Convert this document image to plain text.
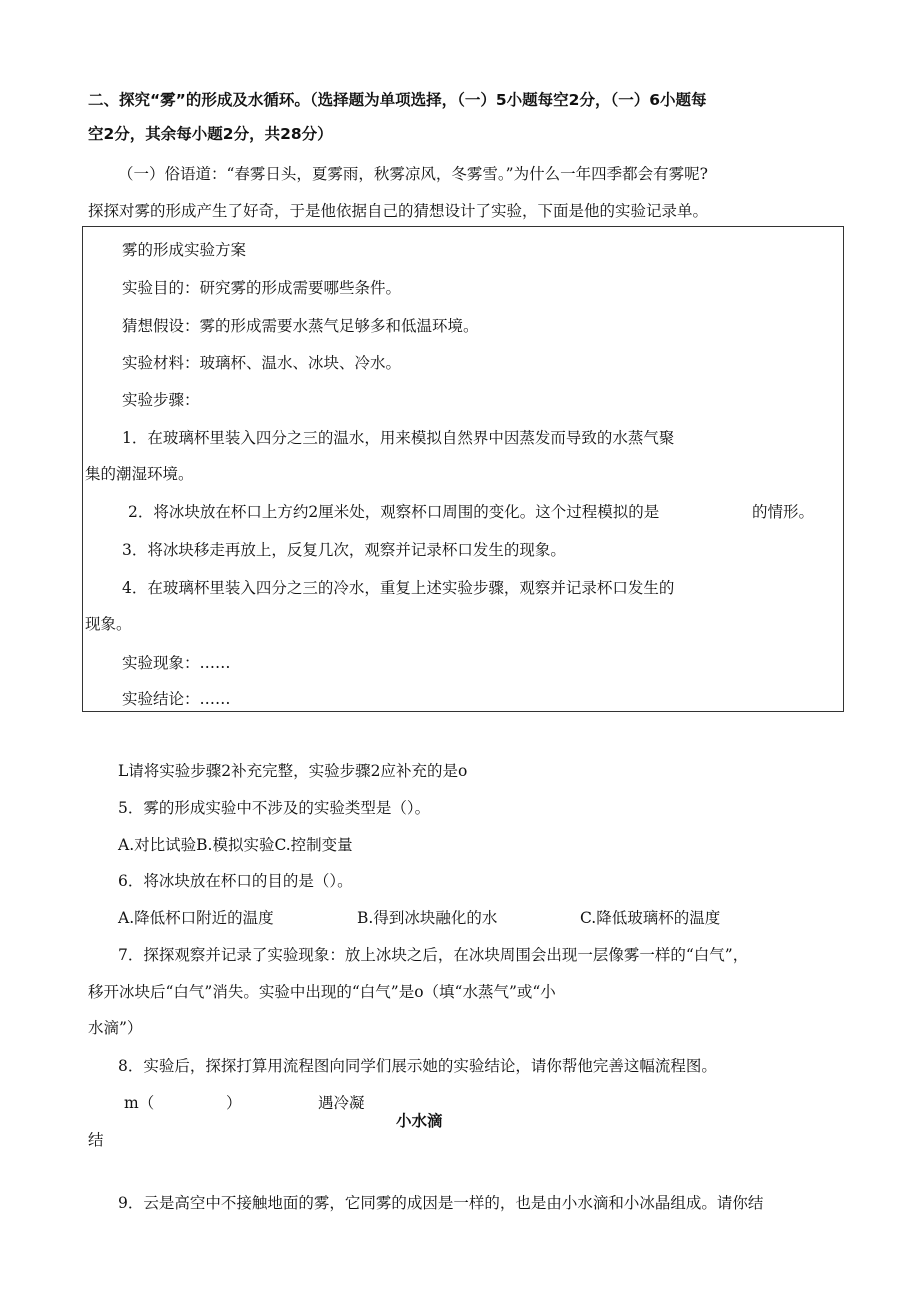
二、探究“雾”的形成及水循环。（选择题为单项选择，（一）5小题每空2分，（一）6小题每
空2分，其余每小题2分，共28分）
（一）俗语道：“春雾日头，夏雾雨，秋雾凉风，冬雾雪。”为什么一年四季都会有雾呢?
探探对雾的形成产生了好奇，于是他依据自己的猜想设计了实验，下面是他的实验记录单。
雾的形成实验方案
实验目的：研究雾的形成需要哪些条件。
猜想假设：雾的形成需要水蒸气足够多和低温环境。
实验材料：玻璃杯、温水、冰块、冷水。
实验步骤：
1．在玻璃杯里装入四分之三的温水，用来模拟自然界中因蒸发而导致的水蒸气聚
集的潮湿环境。
2．将冰块放在杯口上方约2厘米处，观察杯口周围的变化。这个过程模拟的是	的情形。
3．将冰块移走再放上，反复几次，观察并记录杯口发生的现象。
4．在玻璃杯里装入四分之三的冷水，重复上述实验步骤，观察并记录杯口发生的
现象。
实验现象：……
实验结论：……
L请将实验步骤2补充完整，实验步骤2应补充的是o
5．雾的形成实验中不涉及的实验类型是（）。
A.对比试验B.模拟实验C.控制变量
6．将冰块放在杯口的目的是（）。
A.降低杯口附近的温度	B.得到冰块融化的水	C.降低玻璃杯的温度
7．探探观察并记录了实验现象：放上冰块之后，在冰块周围会出现一层像雾一样的“白气”，
移开冰块后“白气”消失。实验中出现的“白气”是o（填“水蒸气”或“小
水滴”）
8．实验后，探探打算用流程图向同学们展示她的实验结论，请你帮他完善这幅流程图。
m（	）	遇冷凝
小水滴
结
9．云是高空中不接触地面的雾，它同雾的成因是一样的，也是由小水滴和小冰晶组成。请你结
